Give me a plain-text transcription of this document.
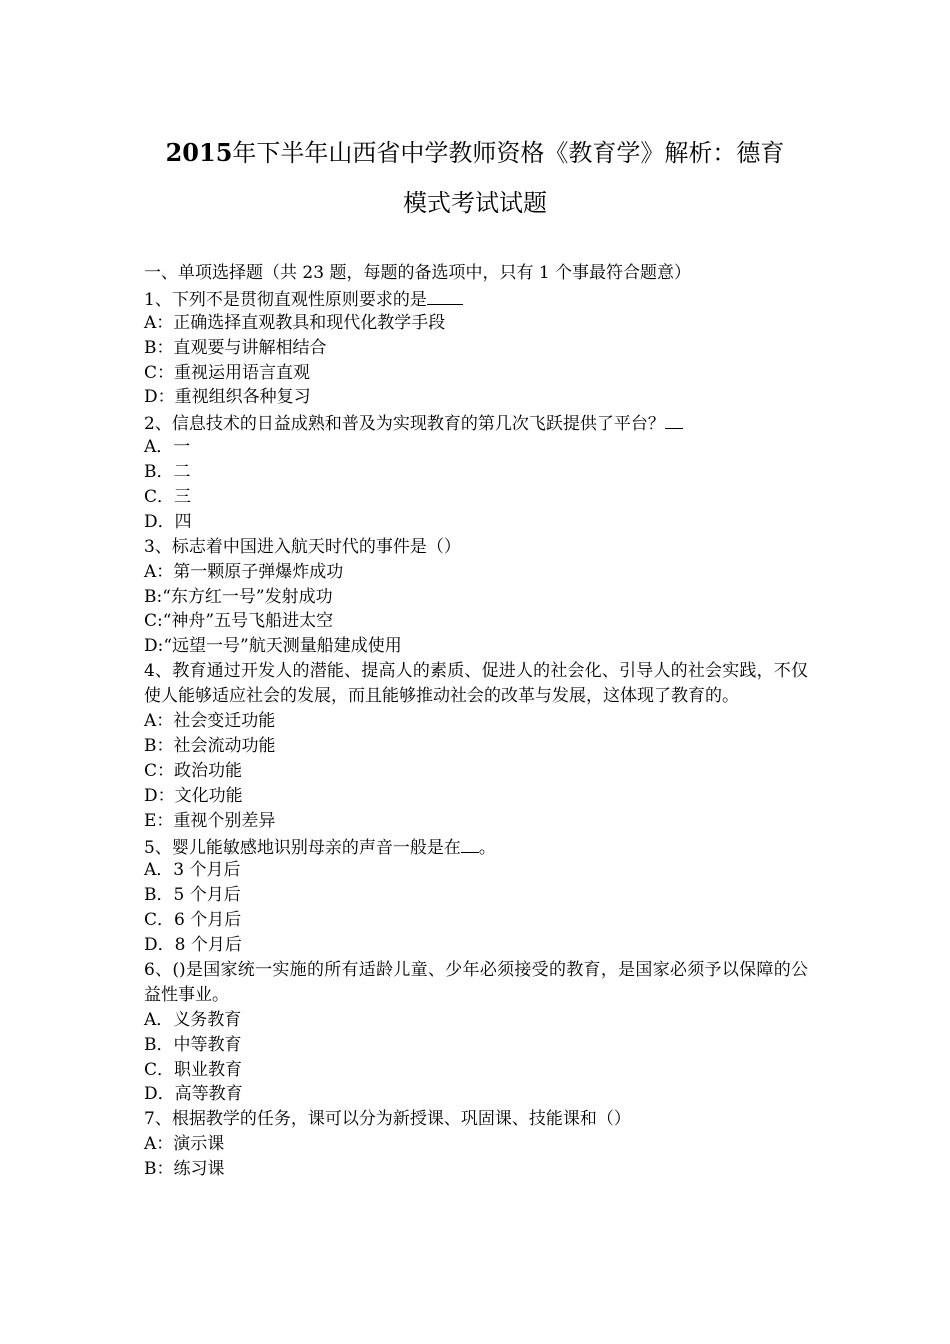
2015年下半年山西省中学教师资格《教育学》解析：德育
模式考试试题
一、单项选择题（共 23 题，每题的备选项中，只有 1 个事最符合题意）
1、下列不是贯彻直观性原则要求的是
A：正确选择直观教具和现代化教学手段
B：直观要与讲解相结合
C：重视运用语言直观
D：重视组织各种复习
2、信息技术的日益成熟和普及为实现教育的第几次飞跃提供了平台？
A．一
B．二
C．三
D．四
3、标志着中国进入航天时代的事件是（）
A：第一颗原子弹爆炸成功
B:“东方红一号”发射成功
C:“神舟”五号飞船进太空
D:“远望一号”航天测量船建成使用
4、教育通过开发人的潜能、提高人的素质、促进人的社会化、引导人的社会实践，不仅使人能够适应社会的发展，而且能够推动社会的改革与发展，这体现了教育的。
A：社会变迁功能
B：社会流动功能
C：政治功能
D：文化功能
E：重视个别差异
5、婴儿能敏感地识别母亲的声音一般是在 。
A．3 个月后
B．5 个月后
C．6 个月后
D．8 个月后
6、()是国家统一实施的所有适龄儿童、少年必须接受的教育，是国家必须予以保障的公益性事业。
A．义务教育
B．中等教育
C．职业教育
D．高等教育
7、根据教学的任务，课可以分为新授课、巩固课、技能课和（）
A：演示课
B：练习课
